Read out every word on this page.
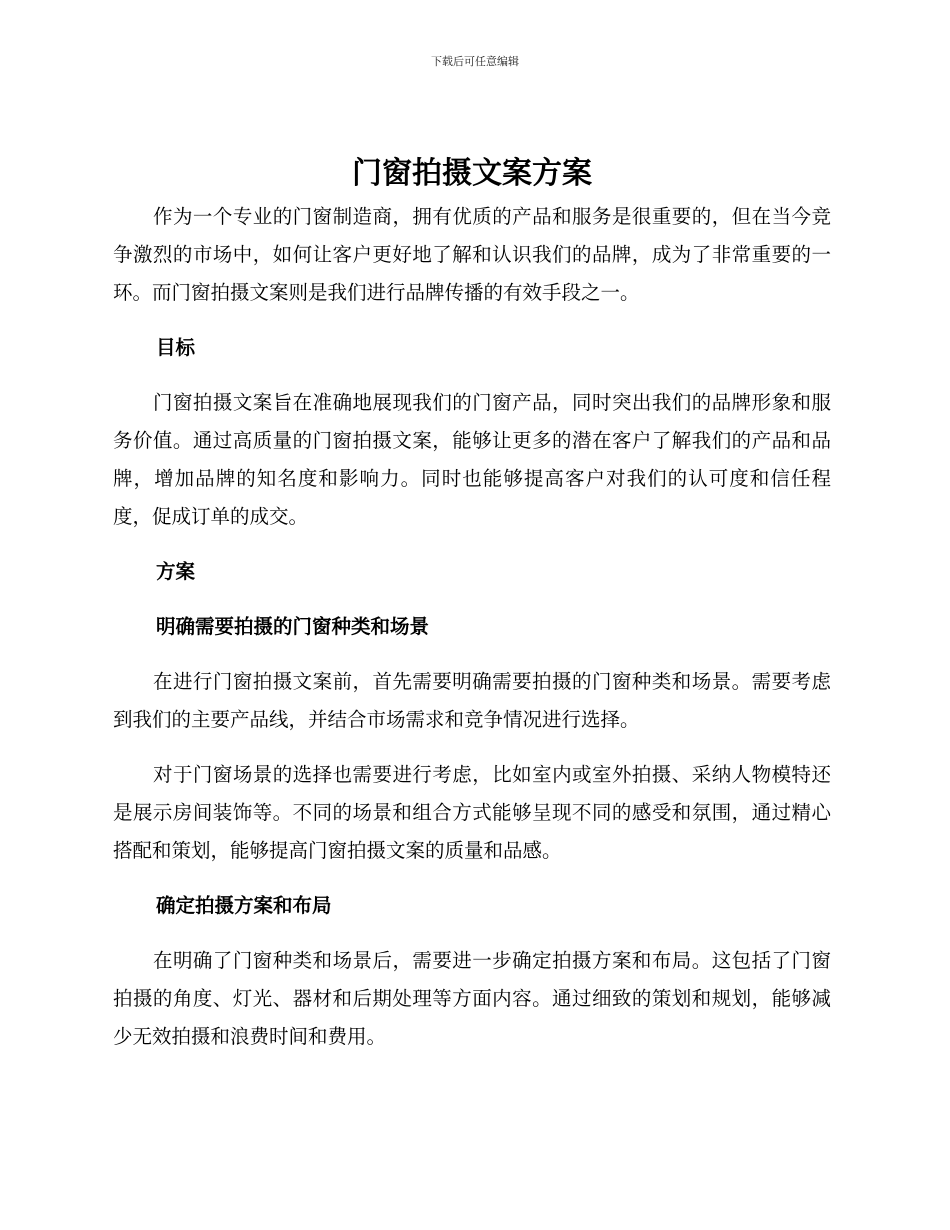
下载后可任意编辑
门窗拍摄文案方案

作为一个专业的门窗制造商，拥有优质的产品和服务是很重要的，但在当今竞争激烈的市场中，如何让客户更好地了解和认识我们的品牌，成为了非常重要的一环。而门窗拍摄文案则是我们进行品牌传播的有效手段之一。

目标

门窗拍摄文案旨在准确地展现我们的门窗产品，同时突出我们的品牌形象和服务价值。通过高质量的门窗拍摄文案，能够让更多的潜在客户了解我们的产品和品牌，增加品牌的知名度和影响力。同时也能够提高客户对我们的认可度和信任程度，促成订单的成交。

方案
明确需要拍摄的门窗种类和场景

在进行门窗拍摄文案前，首先需要明确需要拍摄的门窗种类和场景。需要考虑到我们的主要产品线，并结合市场需求和竞争情况进行选择。

对于门窗场景的选择也需要进行考虑，比如室内或室外拍摄、采纳人物模特还是展示房间装饰等。不同的场景和组合方式能够呈现不同的感受和氛围，通过精心搭配和策划，能够提高门窗拍摄文案的质量和品感。

确定拍摄方案和布局

在明确了门窗种类和场景后，需要进一步确定拍摄方案和布局。这包括了门窗拍摄的角度、灯光、器材和后期处理等方面内容。通过细致的策划和规划，能够减少无效拍摄和浪费时间和费用。
